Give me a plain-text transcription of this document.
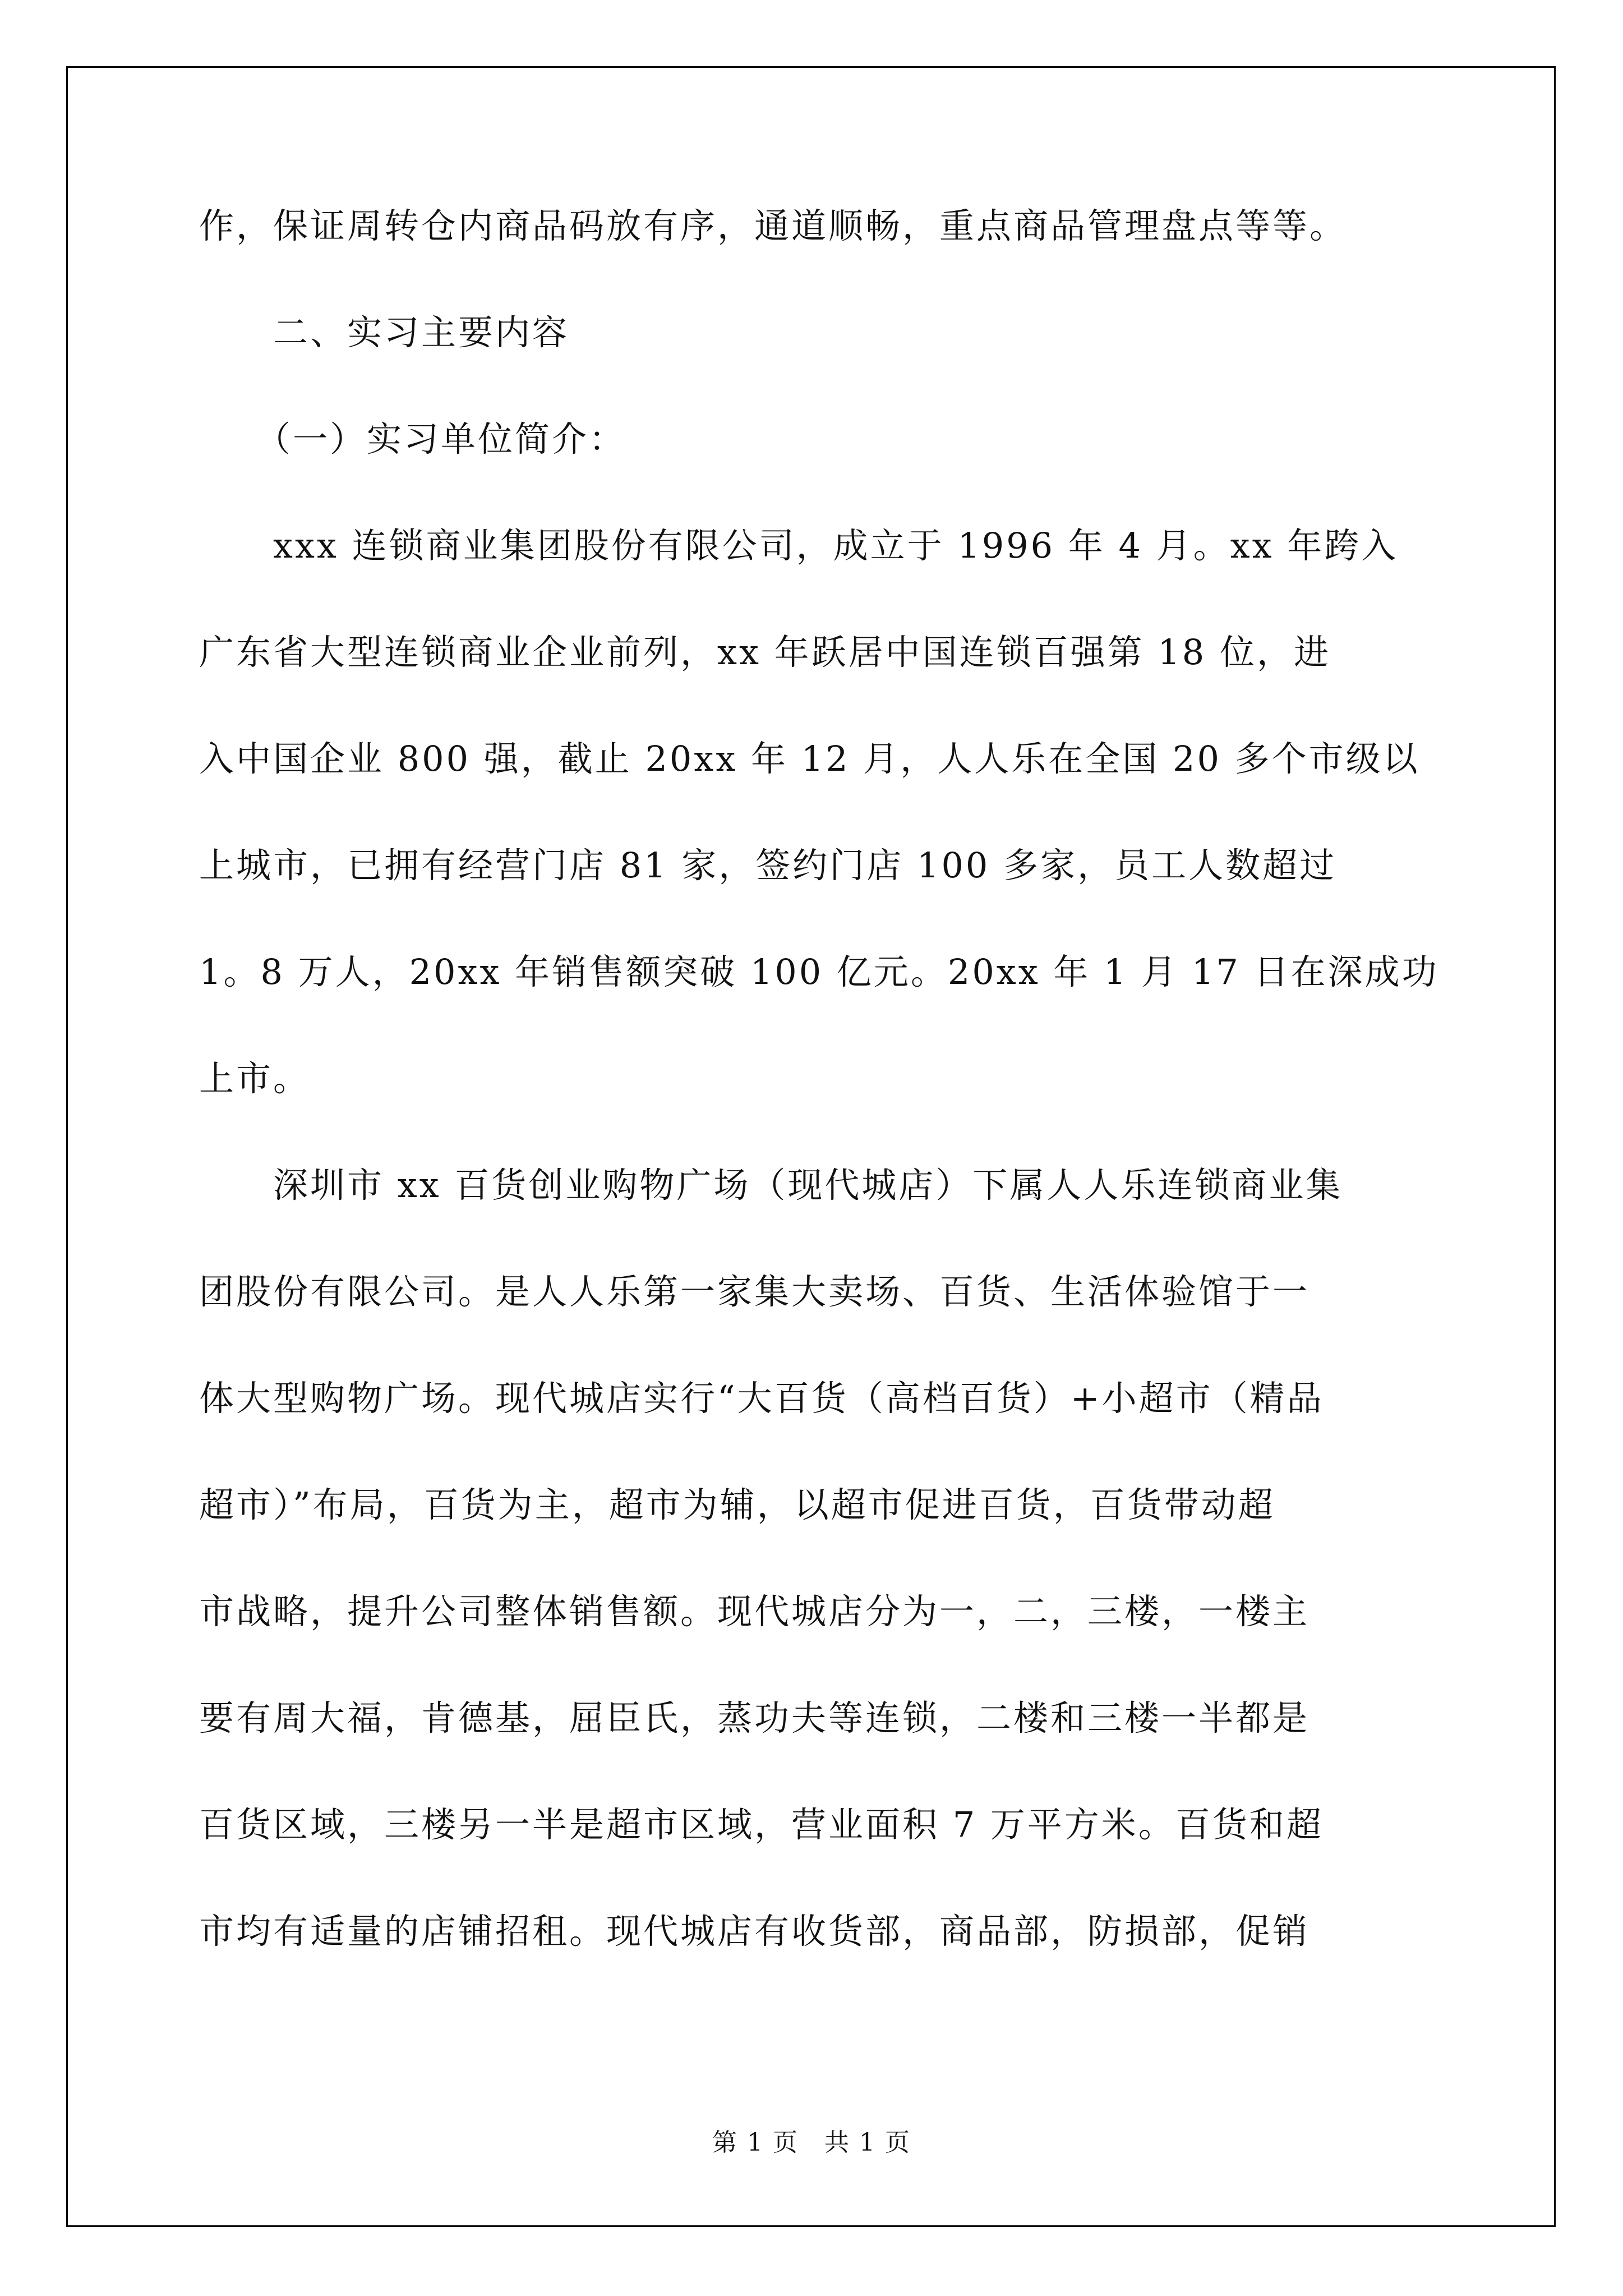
作，保证周转仓内商品码放有序，通道顺畅，重点商品管理盘点等等。
　　二、实习主要内容
　　（一）实习单位简介：
　　xxx 连锁商业集团股份有限公司，成立于 1996 年 4 月。xx 年跨入
广东省大型连锁商业企业前列，xx 年跃居中国连锁百强第 18 位，进
入中国企业 800 强，截止 20xx 年 12 月，人人乐在全国 20 多个市级以
上城市，已拥有经营门店 81 家，签约门店 100 多家，员工人数超过
1。8 万人，20xx 年销售额突破 100 亿元。20xx 年 1 月 17 日在深成功
上市。
　　深圳市 xx 百货创业购物广场（现代城店）下属人人乐连锁商业集
团股份有限公司。是人人乐第一家集大卖场、百货、生活体验馆于一
体大型购物广场。现代城店实行“大百货（高档百货）+小超市（精品
超市）”布局，百货为主，超市为辅，以超市促进百货，百货带动超
市战略，提升公司整体销售额。现代城店分为一，二，三楼，一楼主
要有周大福，肯德基，屈臣氏，蒸功夫等连锁，二楼和三楼一半都是
百货区域，三楼另一半是超市区域，营业面积 7 万平方米。百货和超
市均有适量的店铺招租。现代城店有收货部，商品部，防损部，促销
第 1 页　共 1 页
